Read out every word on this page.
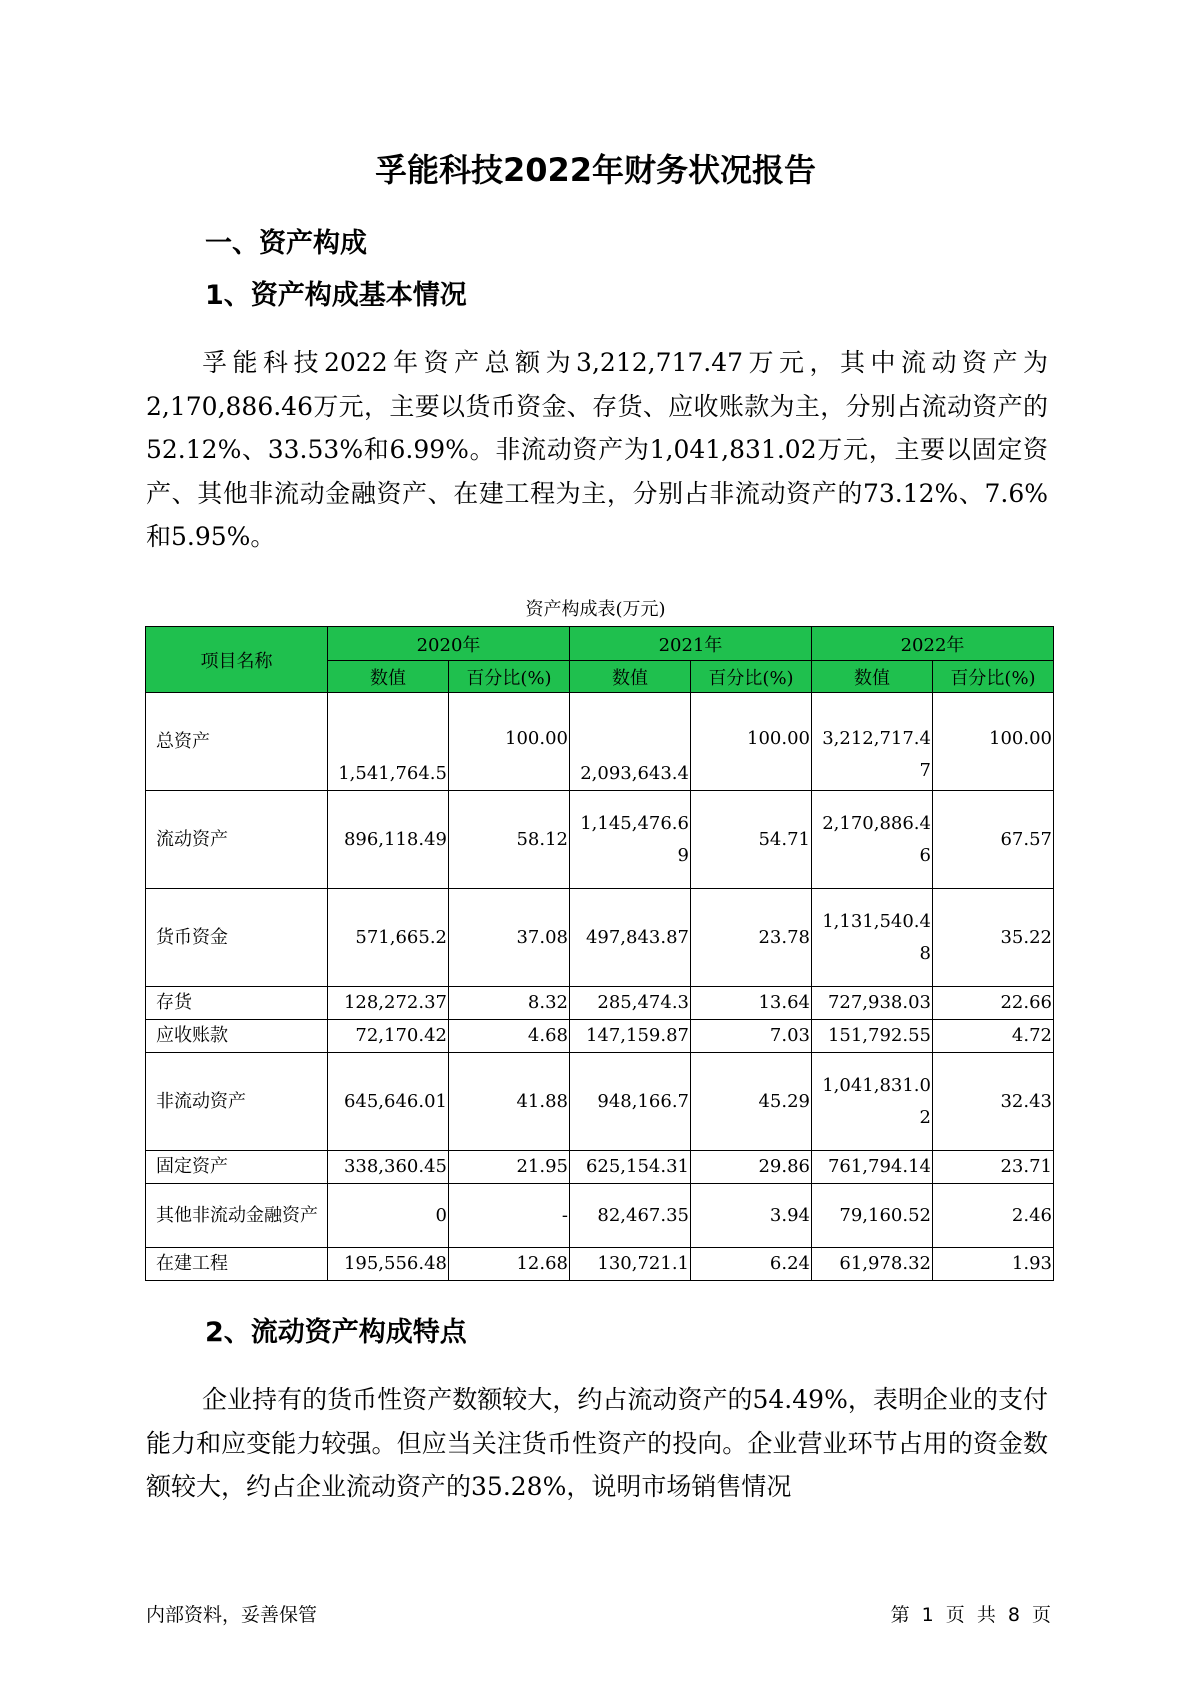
孚能科技2022年财务状况报告
一、资产构成
1、资产构成基本情况

孚能科技2022年资产总额为3,212,717.47万元，其中流动资产为2,170,886.46万元，主要以货币资金、存货、应收账款为主，分别占流动资产的52.12%、33.53%和6.99%。非流动资产为1,041,831.02万元，主要以固定资产、其他非流动金融资产、在建工程为主，分别占非流动资产的73.12%、7.6%和5.95%。

资产构成表(万元)
项目名称	2020年		2021年		2022年	
	数值	百分比(%)	数值	百分比(%)	数值	百分比(%)
总资产	1,541,764.5	100.00	2,093,643.4	100.00	3,212,717.47	100.00
流动资产	896,118.49	58.12	1,145,476.69	54.71	2,170,886.46	67.57
货币资金	571,665.2	37.08	497,843.87	23.78	1,131,540.48	35.22
存货	128,272.37	8.32	285,474.3	13.64	727,938.03	22.66
应收账款	72,170.42	4.68	147,159.87	7.03	151,792.55	4.72
非流动资产	645,646.01	41.88	948,166.7	45.29	1,041,831.02	32.43
固定资产	338,360.45	21.95	625,154.31	29.86	761,794.14	23.71
其他非流动金融资产	0	-	82,467.35	3.94	79,160.52	2.46
在建工程	195,556.48	12.68	130,721.1	6.24	61,978.32	1.93
2、流动资产构成特点

企业持有的货币性资产数额较大，约占流动资产的54.49%，表明企业的支付能力和应变能力较强。但应当关注货币性资产的投向。企业营业环节占用的资金数额较大，约占企业流动资产的35.28%，说明市场销售情况

内部资料，妥善保管	第 1 页 共 8 页
